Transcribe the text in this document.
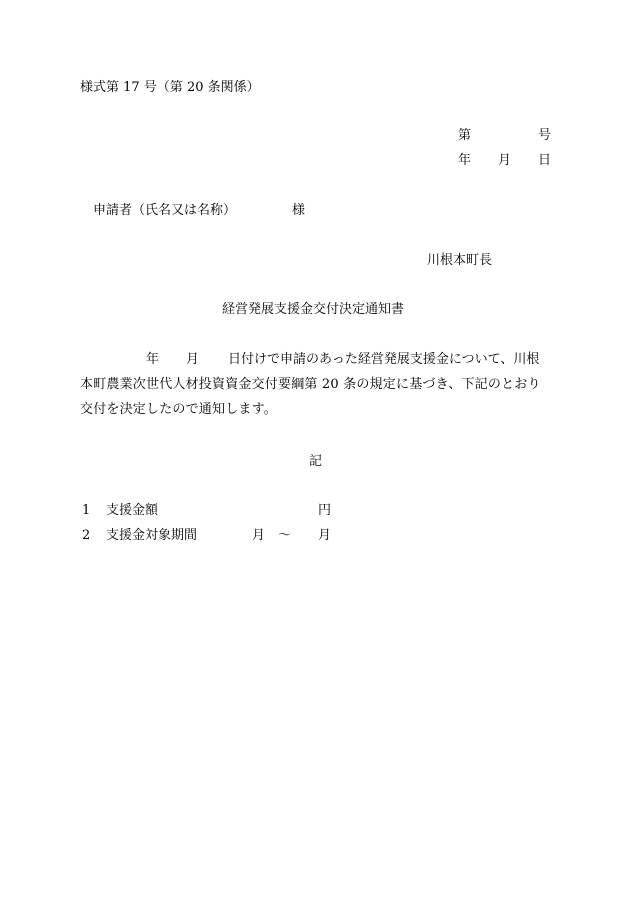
様式第 17 号（第 20 条関係）
第	号
年 月 日
申請者（氏名又は名称）	様
川根本町長
経営発展支援金交付決定通知書
年 月 日付けで申請のあった経営発展支援金について、川根
本町農業次世代人材投資資金交付要綱第 20 条の規定に基づき、下記のとおり
交付を決定したので通知します。
記
1 支援金額	円
2 支援金対象期間	月 〜 月
